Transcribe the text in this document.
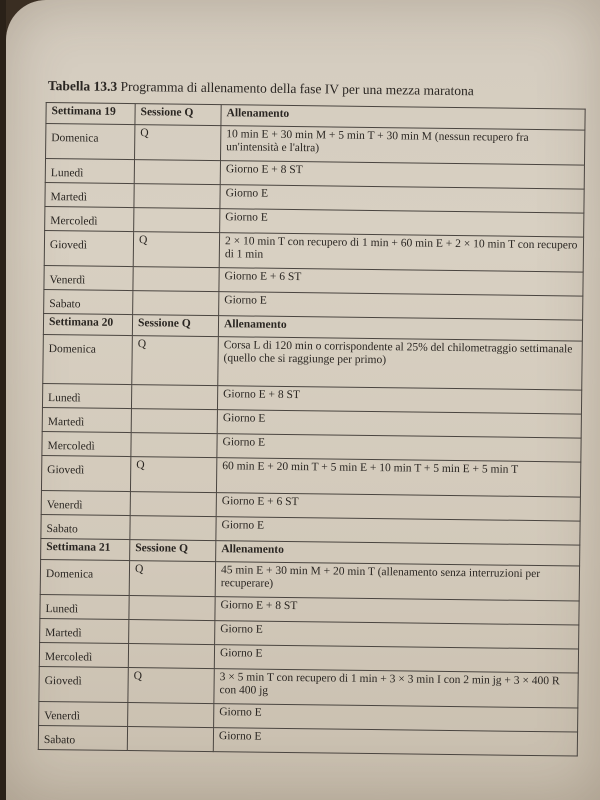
Tabella 13.3 Programma di allenamento della fase IV per una mezza maratona
Settimana 19	Sessione Q	Allenamento

Domenica	Q	10 min E + 30 min M + 5 min T + 30 min M (nessun recupero fra un'intensità e l'altra)

Lunedì		Giorno E + 8 ST

Martedì		Giorno E

Mercoledì		Giorno E

Giovedì	Q	2 × 10 min T con recupero di 1 min + 60 min E + 2 × 10 min T con recupero di 1 min

Venerdì		Giorno E + 6 ST

Sabato		Giorno E
Settimana 20	Sessione Q	Allenamento

Domenica	Q	Corsa L di 120 min o corrispondente al 25% del chilometraggio settimanale (quello che si raggiunge per primo)

Lunedì		Giorno E + 8 ST

Martedì		Giorno E

Mercoledì		Giorno E

Giovedì	Q	60 min E + 20 min T + 5 min E + 10 min T + 5 min E + 5 min T

Venerdì		Giorno E + 6 ST

Sabato		Giorno E
Settimana 21	Sessione Q	Allenamento

Domenica	Q	45 min E + 30 min M + 20 min T (allenamento senza interruzioni per recuperare)

Lunedì		Giorno E + 8 ST

Martedì		Giorno E

Mercoledì		Giorno E

Giovedì	Q	3 × 5 min T con recupero di 1 min + 3 × 3 min I con 2 min jg + 3 × 400 R con 400 jg

Venerdì		Giorno E

Sabato		Giorno E
